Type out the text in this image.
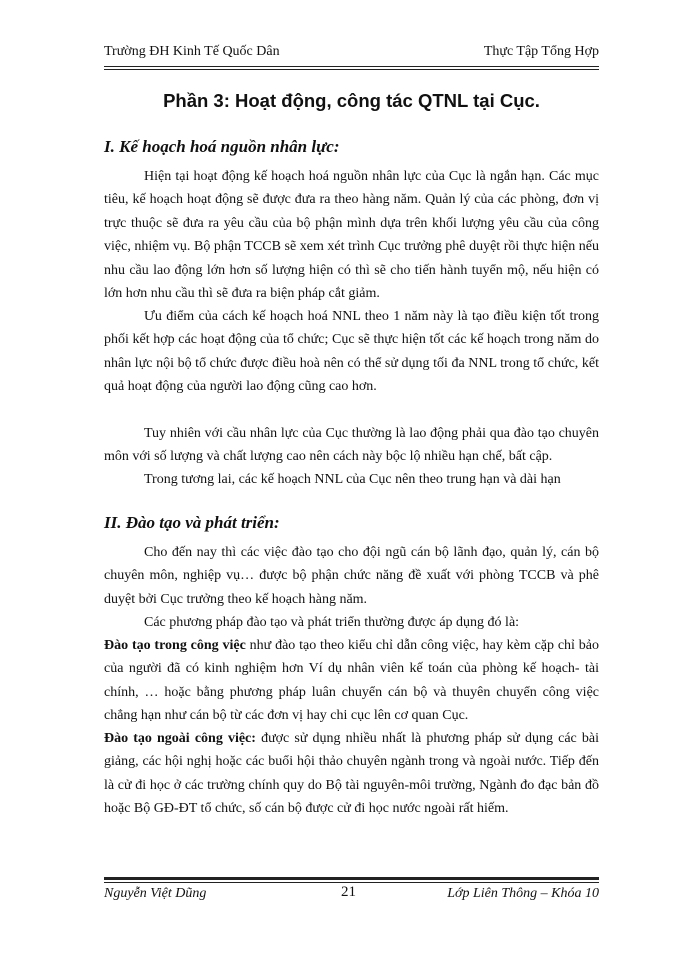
Trường ĐH Kinh Tế Quốc Dân	Thực Tập Tổng Hợp
Phần 3: Hoạt động, công tác QTNL tại Cục.
I. Kế hoạch hoá nguồn nhân lực:

Hiện tại hoạt động kế hoạch hoá nguồn nhân lực của Cục là ngắn hạn. Các mục tiêu, kế hoạch hoạt động sẽ được đưa ra theo hàng năm. Quản lý của các phòng, đơn vị trực thuộc sẽ đưa ra yêu cầu của bộ phận mình dựa trên khối lượng yêu cầu của công việc, nhiệm vụ. Bộ phận TCCB sẽ xem xét trình Cục trưởng phê duyệt rồi thực hiện nếu nhu cầu lao động lớn hơn số lượng hiện có thì sẽ cho tiến hành tuyển mộ, nếu hiện có lớn hơn nhu cầu thì sẽ đưa ra biện pháp cắt giảm.

Ưu điểm của cách kế hoạch hoá NNL theo 1 năm này là tạo điều kiện tốt trong phối kết hợp các hoạt động của tổ chức; Cục sẽ thực hiện tốt các kế hoạch trong năm do nhân lực nội bộ tổ chức được điều hoà nên có thể sử dụng tối đa NNL trong tổ chức, kết quả hoạt động của người lao động cũng cao hơn.

Tuy nhiên với cầu nhân lực của Cục thường là lao động phải qua đào tạo chuyên môn với số lượng và chất lượng cao nên cách này bộc lộ nhiều hạn chế, bất cập.

Trong tương lai, các kế hoạch NNL của Cục nên theo trung hạn và dài hạn

II. Đào tạo và phát triển:

Cho đến nay thì các việc đào tạo cho đội ngũ cán bộ lãnh đạo, quản lý, cán bộ chuyên môn, nghiệp vụ… được bộ phận chức năng đề xuất với phòng TCCB và phê duyệt bởi Cục trưởng theo kế hoạch hàng năm.

Các phương pháp đào tạo và phát triển thường được áp dụng đó là:

Đào tạo trong công việc như đào tạo theo kiểu chỉ dẫn công việc, hay kèm cặp chỉ bảo của người đã có kinh nghiệm hơn Ví dụ nhân viên kế toán của phòng kế hoạch- tài chính, … hoặc bằng phương pháp luân chuyển cán bộ và thuyên chuyển công việc chẳng hạn như cán bộ từ các đơn vị hay chi cục lên cơ quan Cục.

Đào tạo ngoài công việc: được sử dụng nhiều nhất là phương pháp sử dụng các bài giảng, các hội nghị hoặc các buổi hội thảo chuyên ngành trong và ngoài nước. Tiếp đến là cử đi học ở các trường chính quy do Bộ tài nguyên-môi trường, Ngành đo đạc bản đồ hoặc Bộ GĐ-ĐT tổ chức, số cán bộ được cử đi học nước ngoài rất hiếm.

Nguyễn Việt Dũng	21	Lớp Liên Thông – Khóa 10
